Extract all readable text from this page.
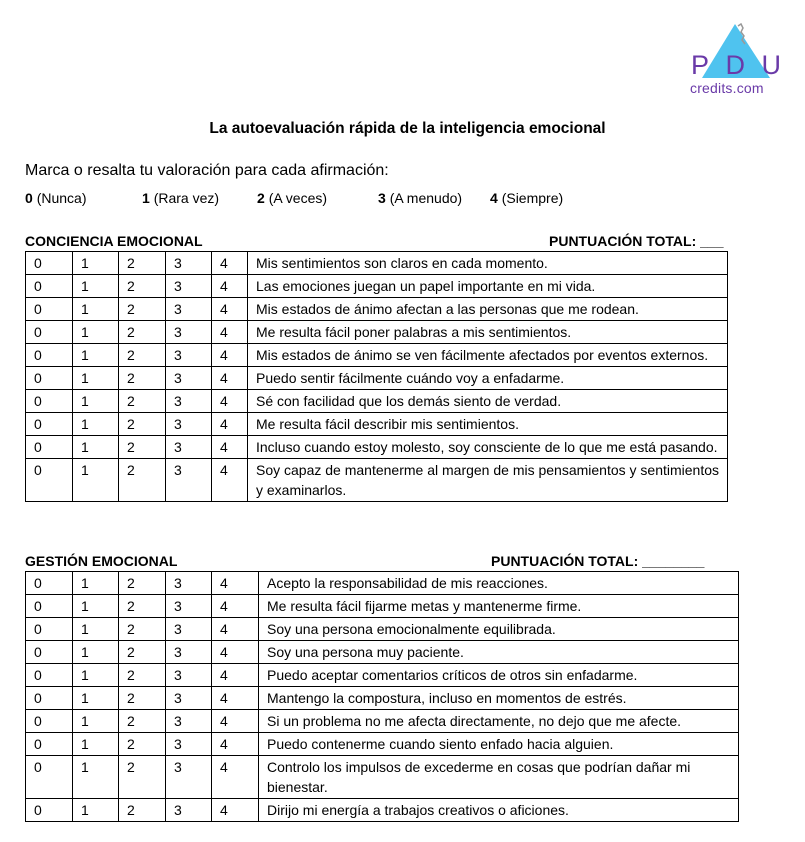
P D U
credits.com
La autoevaluación rápida de la inteligencia emocional
Marca o resalta tu valoración para cada afirmación:
0 (Nunca)	1 (Rara vez)	2 (A veces)	3 (A menudo) 4 (Siempre)
CONCIENCIA EMOCIONAL	PUNTUACIÓN TOTAL: ___
0	1	2	3	4	Mis sentimientos son claros en cada momento.
0	1	2	3	4	Las emociones juegan un papel importante en mi vida.
0	1	2	3	4	Mis estados de ánimo afectan a las personas que me rodean.
0	1	2	3	4	Me resulta fácil poner palabras a mis sentimientos.
0	1	2	3	4	Mis estados de ánimo se ven fácilmente afectados por eventos externos.
0	1	2	3	4	Puedo sentir fácilmente cuándo voy a enfadarme.
0	1	2	3	4	Sé con facilidad que los demás siento de verdad.
0	1	2	3	4	Me resulta fácil describir mis sentimientos.
0	1	2	3	4	Incluso cuando estoy molesto, soy consciente de lo que me está pasando.
0	1	2	3	4	Soy capaz de mantenerme al margen de mis pensamientos y sentimientos y examinarlos.
GESTIÓN EMOCIONAL	PUNTUACIÓN TOTAL: ________
0	1	2	3	4	Acepto la responsabilidad de mis reacciones.
0	1	2	3	4	Me resulta fácil fijarme metas y mantenerme firme.
0	1	2	3	4	Soy una persona emocionalmente equilibrada.
0	1	2	3	4	Soy una persona muy paciente.
0	1	2	3	4	Puedo aceptar comentarios críticos de otros sin enfadarme.
0	1	2	3	4	Mantengo la compostura, incluso en momentos de estrés.
0	1	2	3	4	Si un problema no me afecta directamente, no dejo que me afecte.
0	1	2	3	4	Puedo contenerme cuando siento enfado hacia alguien.
0	1	2	3	4	Controlo los impulsos de excederme en cosas que podrían dañar mi bienestar.
0	1	2	3	4	Dirijo mi energía a trabajos creativos o aficiones.
